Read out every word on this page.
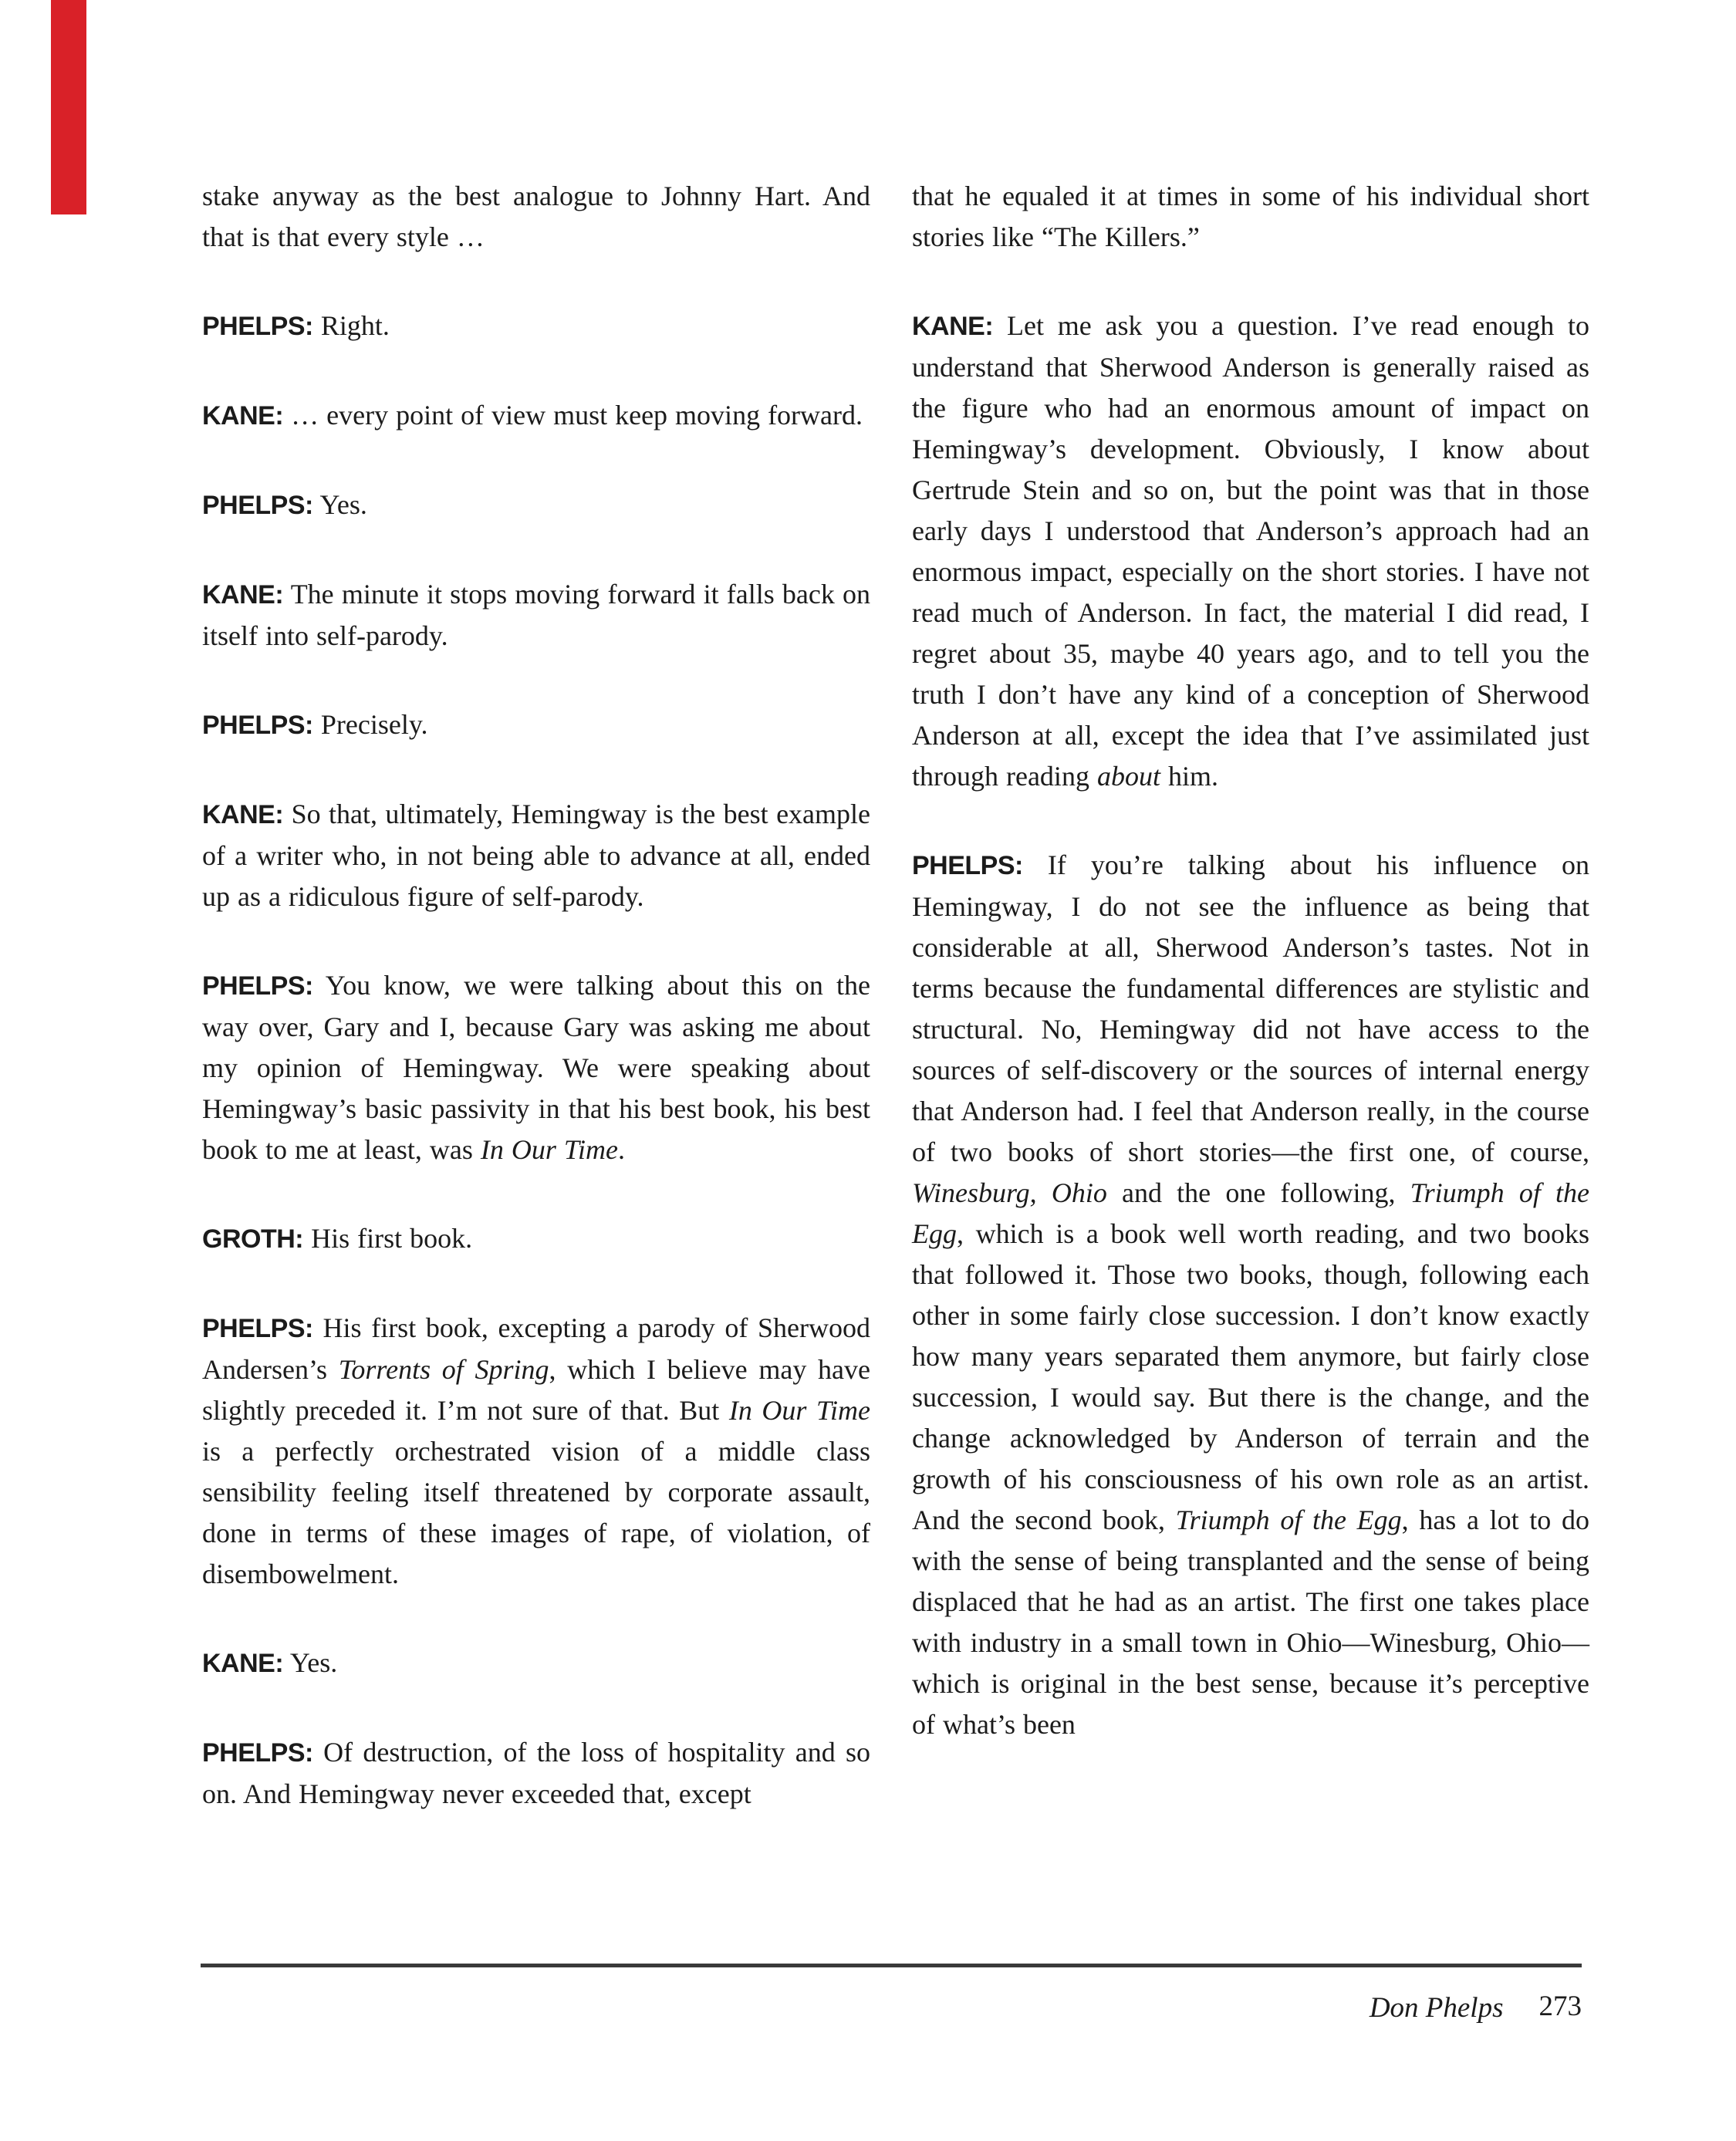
stake anyway as the best analogue to Johnny Hart. And that is that every style …

PHELPS: Right.

KANE: … every point of view must keep moving forward.

PHELPS: Yes.

KANE: The minute it stops moving forward it falls back on itself into self-parody.

PHELPS: Precisely.

KANE: So that, ultimately, Hemingway is the best example of a writer who, in not being able to advance at all, ended up as a ridiculous figure of self-parody.

PHELPS: You know, we were talking about this on the way over, Gary and I, because Gary was asking me about my opinion of Hemingway. We were speaking about Hemingway’s basic passivity in that his best book, his best book to me at least, was In Our Time.

GROTH: His first book.

PHELPS: His first book, excepting a parody of Sherwood Andersen’s Torrents of Spring, which I believe may have slightly preceded it. I’m not sure of that. But In Our Time is a perfectly orchestrated vision of a middle class sensibility feeling itself threatened by corporate assault, done in terms of these images of rape, of violation, of disembowelment.

KANE: Yes.

PHELPS: Of destruction, of the loss of hospitality and so on. And Hemingway never exceeded that, except

that he equaled it at times in some of his individual short stories like “The Killers.”

KANE: Let me ask you a question. I’ve read enough to understand that Sherwood Anderson is generally raised as the figure who had an enormous amount of impact on Hemingway’s development. Obviously, I know about Gertrude Stein and so on, but the point was that in those early days I understood that Anderson’s approach had an enormous impact, especially on the short stories. I have not read much of Anderson. In fact, the material I did read, I regret about 35, maybe 40 years ago, and to tell you the truth I don’t have any kind of a conception of Sherwood Anderson at all, except the idea that I’ve assimilated just through reading about him.

PHELPS: If you’re talking about his influence on Hemingway, I do not see the influence as being that considerable at all, Sherwood Anderson’s tastes. Not in terms because the fundamental differences are stylistic and structural. No, Hemingway did not have access to the sources of self-discovery or the sources of internal energy that Anderson had. I feel that Anderson really, in the course of two books of short stories—the first one, of course, Winesburg, Ohio and the one following, Triumph of the Egg, which is a book well worth reading, and two books that followed it. Those two books, though, following each other in some fairly close succession. I don’t know exactly how many years separated them anymore, but fairly close succession, I would say. But there is the change, and the change acknowledged by Anderson of terrain and the growth of his consciousness of his own role as an artist. And the second book, Triumph of the Egg, has a lot to do with the sense of being transplanted and the sense of being displaced that he had as an artist. The first one takes place with industry in a small town in Ohio—Winesburg, Ohio—which is original in the best sense, because it’s perceptive of what’s been

Don Phelps 273
